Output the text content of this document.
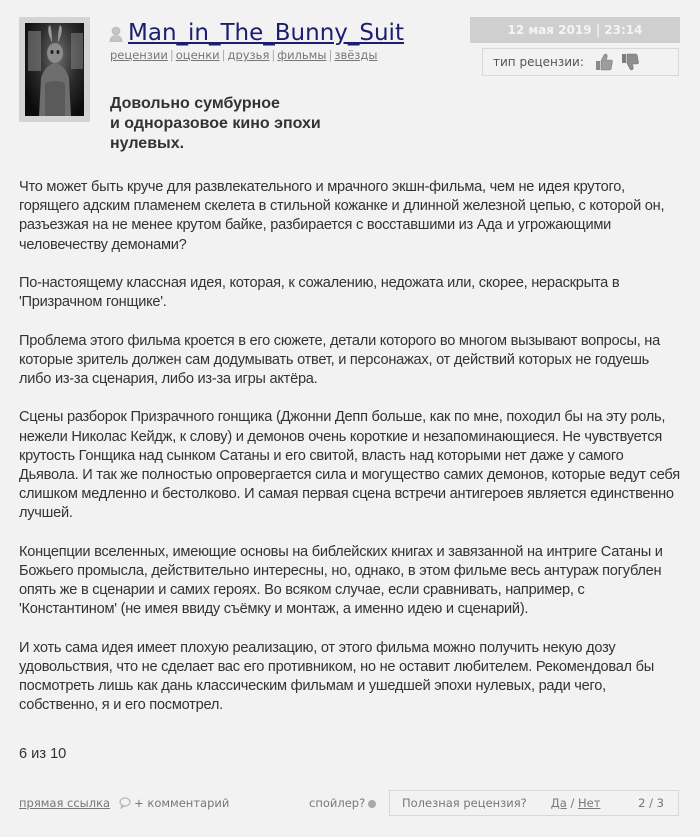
Man_in_The_Bunny_Suit
рецензии | оценки | друзья | фильмы | звёзды
Довольно сумбурное
и одноразовое кино эпохи
нулевых.
12 мая 2019 | 23:14
тип рецензии:

Что может быть круче для развлекательного и мрачного экшн-фильма, чем не идея крутого, горящего адским пламенем скелета в стильной кожанке и длинной железной цепью, с которой он, разъезжая на не менее крутом байке, разбирается с восставшими из Ада и угрожающими человечеству демонами?

По-настоящему классная идея, которая, к сожалению, недожата или, скорее, нераскрыта в 'Призрачном гонщике'.

Проблема этого фильма кроется в его сюжете, детали которого во многом вызывают вопросы, на которые зритель должен сам додумывать ответ, и персонажах, от действий которых не годуешь либо из-за сценария, либо из-за игры актёра.

Сцены разборок Призрачного гонщика (Джонни Депп больше, как по мне, походил бы на эту роль, нежели Николас Кейдж, к слову) и демонов очень короткие и незапоминающиеся. Не чувствуется крутость Гонщика над сынком Сатаны и его свитой, власть над которыми нет даже у самого Дьявола. И так же полностью опровергается сила и могущество самих демонов, которые ведут себя слишком медленно и бестолково. И самая первая сцена встречи антигероев является единственно лучшей.

Концепции вселенных, имеющие основы на библейских книгах и завязанной на интриге Сатаны и Божьего промысла, действительно интересны, но, однако, в этом фильме весь антураж погублен опять же в сценарии и самих героях. Во всяком случае, если сравнивать, например, с 'Константином' (не имея ввиду съёмку и монтаж, а именно идею и сценарий).

И хоть сама идея имеет плохую реализацию, от этого фильма можно получить некую дозу удовольствия, что не сделает вас его противником, но не оставит любителем. Рекомендовал бы посмотреть лишь как дань классическим фильмам и ушедшей эпохи нулевых, ради чего, собственно, я и его посмотрел.

6 из 10
прямая ссылка + комментарий	спойлер?	Полезная рецензия? Да / Нет	2 / 3
